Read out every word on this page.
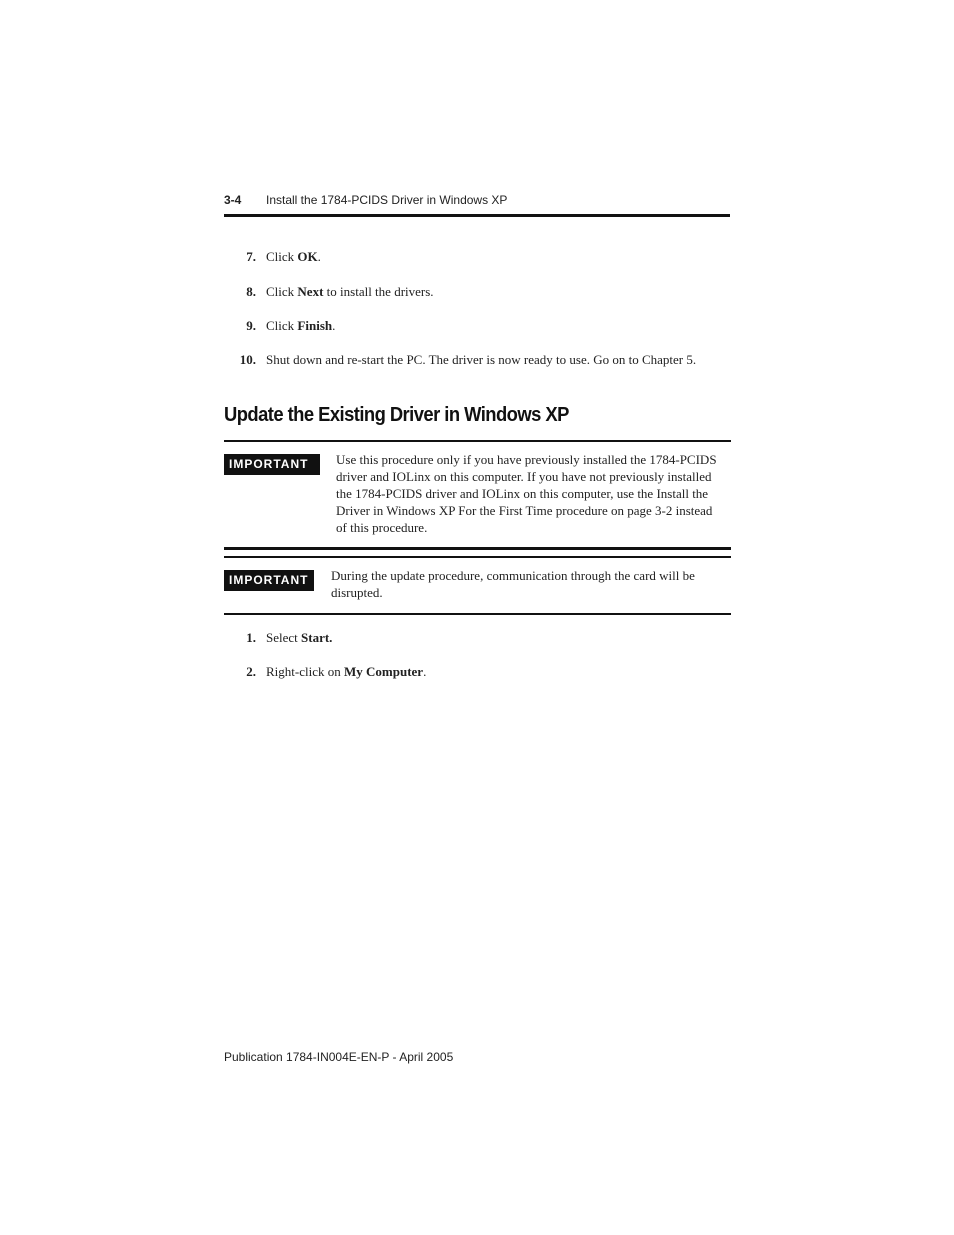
3-4 Install the 1784-PCIDS Driver in Windows XP
7. Click OK.
8. Click Next to install the drivers.
9. Click Finish.
10. Shut down and re-start the PC. The driver is now ready to use. Go on to Chapter 5.
Update the Existing Driver in Windows XP
IMPORTANT	Use this procedure only if you have previously installed the 1784-PCIDS
driver and IOLinx on this computer. If you have not previously installed
the 1784-PCIDS driver and IOLinx on this computer, use the Install the
Driver in Windows XP For the First Time procedure on page 3-2 instead
of this procedure.
IMPORTANT	During the update procedure, communication through the card will be
disrupted.
1. Select Start.
2. Right-click on My Computer.
Publication 1784-IN004E-EN-P - April 2005
